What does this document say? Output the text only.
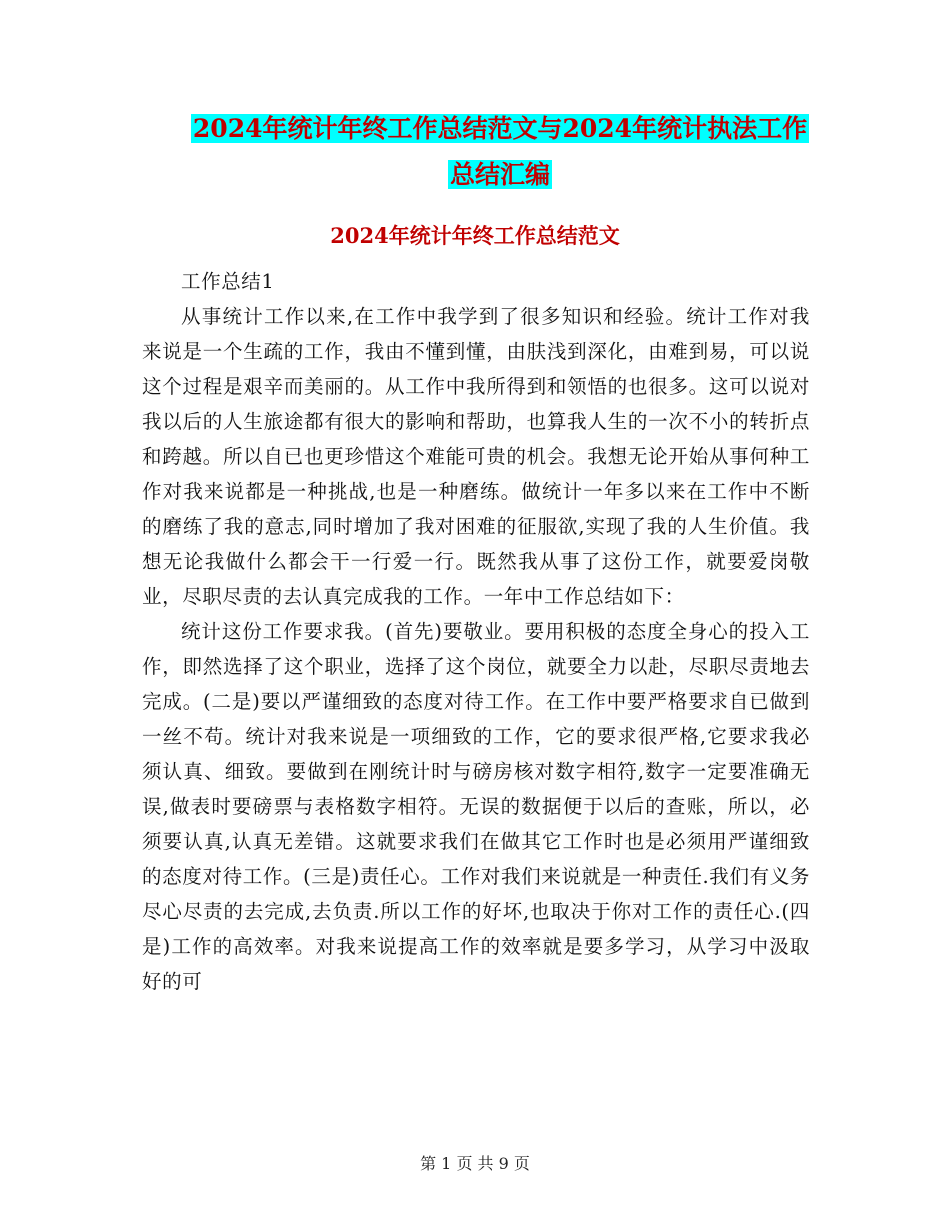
2024年统计年终工作总结范文与2024年统计执法工作
总结汇编
2024年统计年终工作总结范文

工作总结1

从事统计工作以来,在工作中我学到了很多知识和经验。统计工作对我来说是一个生疏的工作，我由不懂到懂，由肤浅到深化，由难到易，可以说这个过程是艰辛而美丽的。从工作中我所得到和领悟的也很多。这可以说对我以后的人生旅途都有很大的影响和帮助，也算我人生的一次不小的转折点和跨越。所以自已也更珍惜这个难能可贵的机会。我想无论开始从事何种工作对我来说都是一种挑战,也是一种磨练。做统计一年多以来在工作中不断的磨练了我的意志,同时增加了我对困难的征服欲,实现了我的人生价值。我想无论我做什么都会干一行爱一行。既然我从事了这份工作，就要爱岗敬业，尽职尽责的去认真完成我的工作。一年中工作总结如下：

统计这份工作要求我。(首先)要敬业。要用积极的态度全身心的投入工作，即然选择了这个职业，选择了这个岗位，就要全力以赴，尽职尽责地去完成。(二是)要以严谨细致的态度对待工作。在工作中要严格要求自已做到一丝不苟。统计对我来说是一项细致的工作，它的要求很严格,它要求我必须认真、细致。要做到在刚统计时与磅房核对数字相符,数字一定要准确无误,做表时要磅票与表格数字相符。无误的数据便于以后的查账，所以，必须要认真,认真无差错。这就要求我们在做其它工作时也是必须用严谨细致的态度对待工作。(三是)责任心。工作对我们来说就是一种责任.我们有义务尽心尽责的去完成,去负责.所以工作的好坏,也取决于你对工作的责任心.(四是)工作的高效率。对我来说提高工作的效率就是要多学习，从学习中汲取好的可

第 1 页 共 9 页
